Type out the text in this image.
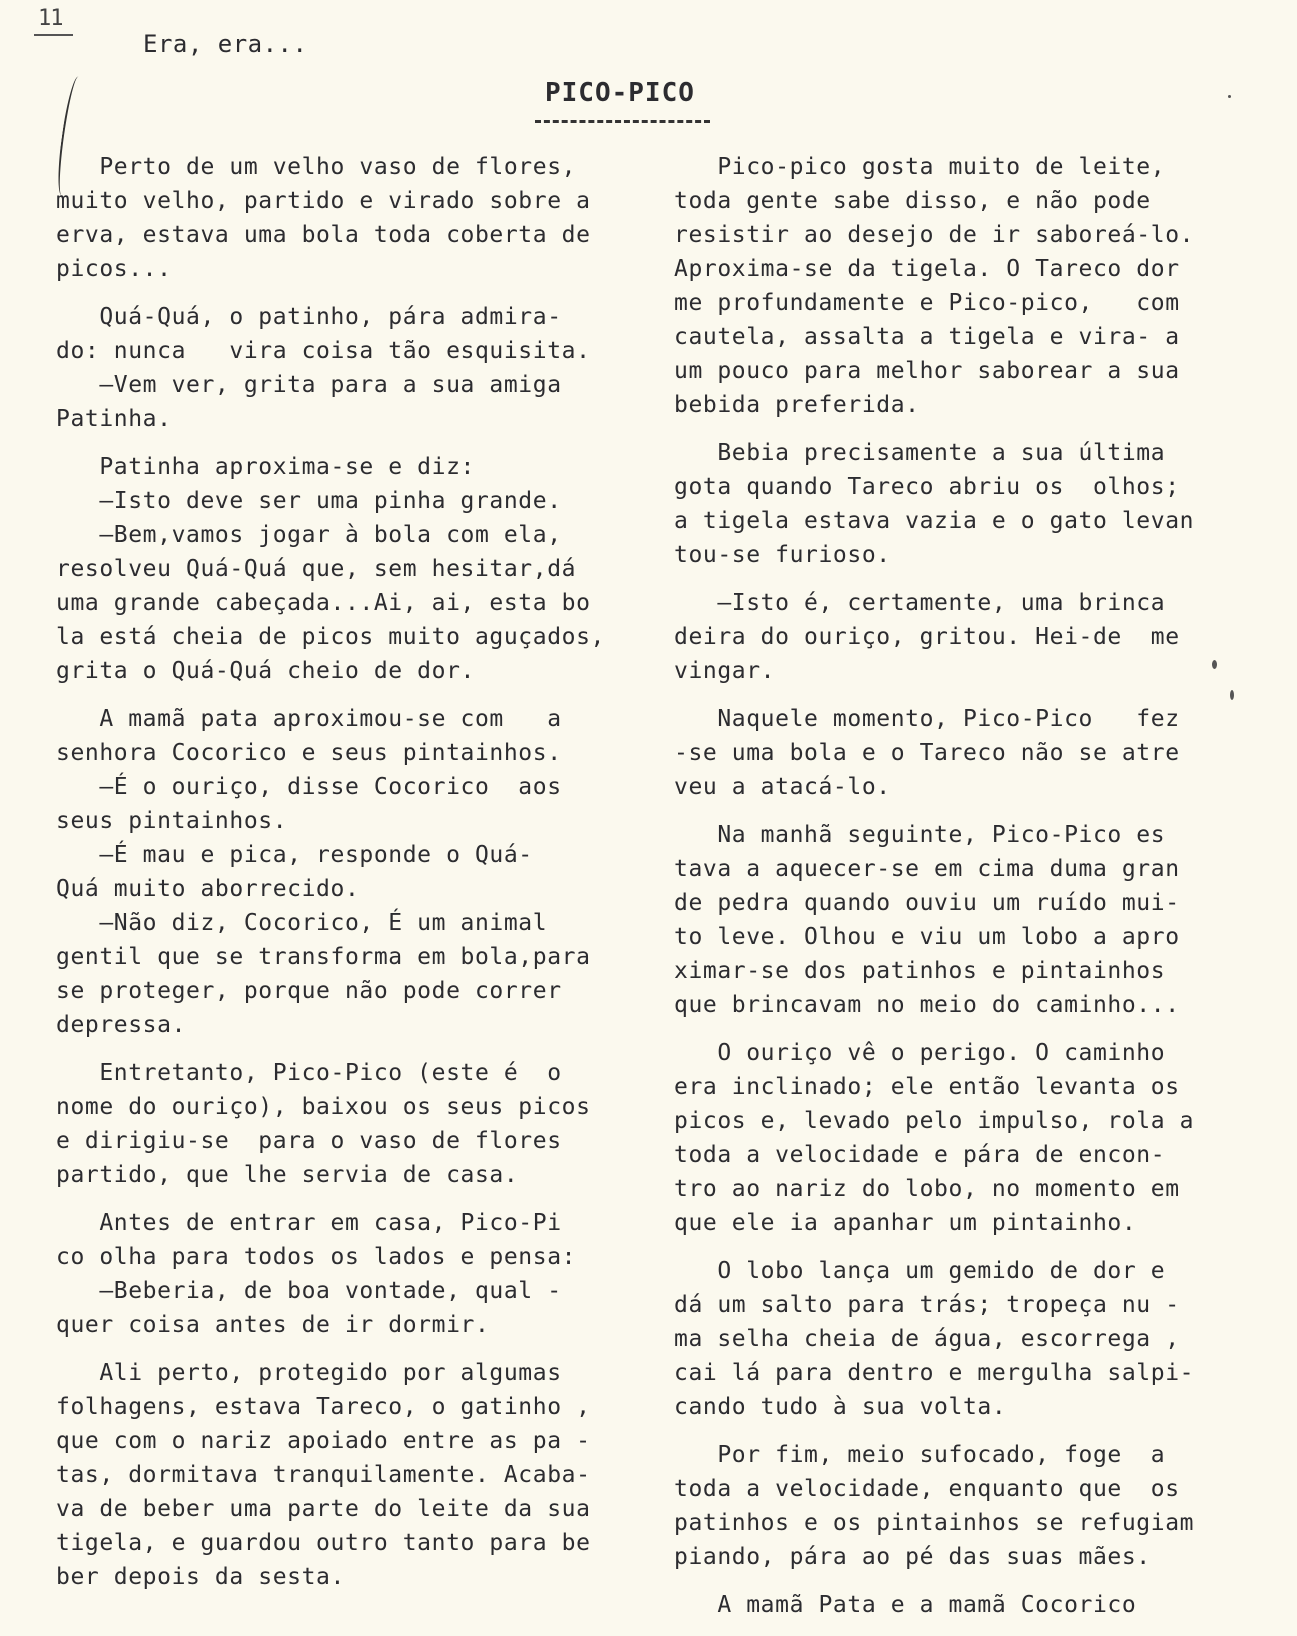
11
Era, era...
PICO-PICO
Perto de um velho vaso de flores,
muito velho, partido e virado sobre a
erva, estava uma bola toda coberta de
picos...
Quá-Quá, o patinho, pára admira-
do: nunca   vira coisa tão esquisita.
—Vem ver, grita para a sua amiga
Patinha.
Patinha aproxima-se e diz:
—Isto deve ser uma pinha grande.
—Bem,vamos jogar à bola com ela,
resolveu Quá-Quá que, sem hesitar,dá
uma grande cabeçada...Ai, ai, esta bo
la está cheia de picos muito aguçados,
grita o Quá-Quá cheio de dor.
A mamã pata aproximou-se com   a
senhora Cocorico e seus pintainhos.
—É o ouriço, disse Cocorico  aos
seus pintainhos.
—É mau e pica, responde o Quá-
Quá muito aborrecido.
—Não diz, Cocorico, É um animal
gentil que se transforma em bola,para
se proteger, porque não pode correr
depressa.
Entretanto, Pico-Pico (este é  o
nome do ouriço), baixou os seus picos
e dirigiu-se  para o vaso de flores
partido, que lhe servia de casa.
Antes de entrar em casa, Pico-Pi
co olha para todos os lados e pensa:
—Beberia, de boa vontade, qual -
quer coisa antes de ir dormir.
Ali perto, protegido por algumas
folhagens, estava Tareco, o gatinho ,
que com o nariz apoiado entre as pa -
tas, dormitava tranquilamente. Acaba-
va de beber uma parte do leite da sua
tigela, e guardou outro tanto para be
ber depois da sesta.
Pico-pico gosta muito de leite,
toda gente sabe disso, e não pode
resistir ao desejo de ir saboreá-lo.
Aproxima-se da tigela. O Tareco dor
me profundamente e Pico-pico,   com
cautela, assalta a tigela e vira- a
um pouco para melhor saborear a sua
bebida preferida.
Bebia precisamente a sua última
gota quando Tareco abriu os  olhos;
a tigela estava vazia e o gato levan
tou-se furioso.
—Isto é, certamente, uma brinca
deira do ouriço, gritou. Hei-de  me
vingar.
Naquele momento, Pico-Pico   fez
-se uma bola e o Tareco não se atre
veu a atacá-lo.
Na manhã seguinte, Pico-Pico es
tava a aquecer-se em cima duma gran
de pedra quando ouviu um ruído mui-
to leve. Olhou e viu um lobo a apro
ximar-se dos patinhos e pintainhos
que brincavam no meio do caminho...
O ouriço vê o perigo. O caminho
era inclinado; ele então levanta os
picos e, levado pelo impulso, rola a
toda a velocidade e pára de encon-
tro ao nariz do lobo, no momento em
que ele ia apanhar um pintainho.
O lobo lança um gemido de dor e
dá um salto para trás; tropeça nu -
ma selha cheia de água, escorrega ,
cai lá para dentro e mergulha salpi-
cando tudo à sua volta.
Por fim, meio sufocado, foge  a
toda a velocidade, enquanto que  os
patinhos e os pintainhos se refugiam
piando, pára ao pé das suas mães.
A mamã Pata e a mamã Cocorico
